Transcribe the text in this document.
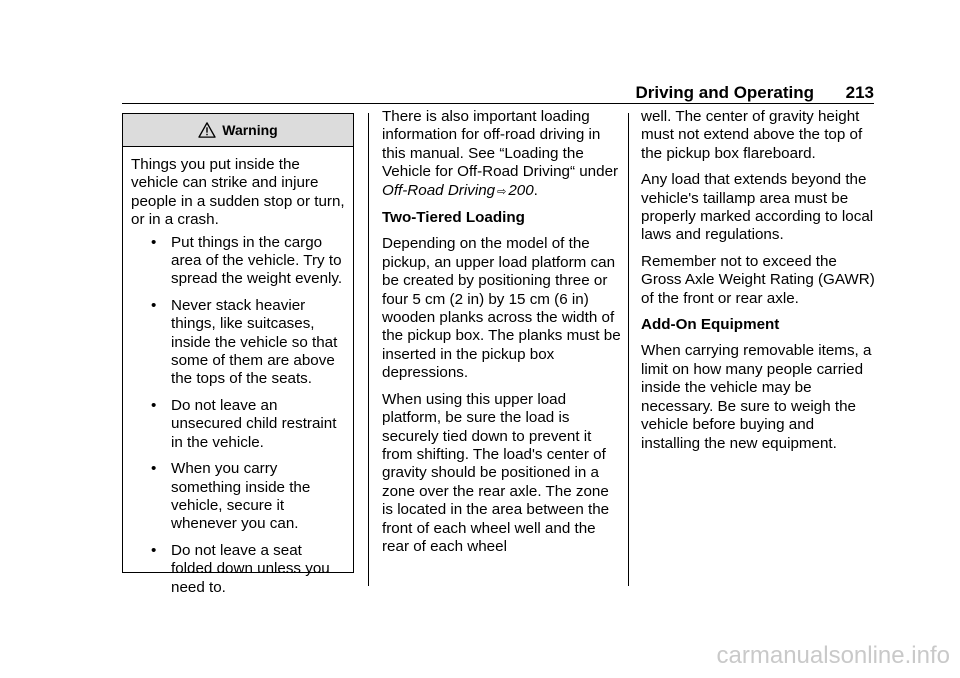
Driving and Operating 213
Warning

Things you put inside the vehicle can strike and injure people in a sudden stop or turn, or in a crash.

• Put things in the cargo area of the vehicle. Try to spread the weight evenly.
• Never stack heavier things, like suitcases, inside the vehicle so that some of them are above the tops of the seats.
• Do not leave an unsecured child restraint in the vehicle.
• When you carry something inside the vehicle, secure it whenever you can.
• Do not leave a seat folded down unless you need to.

There is also important loading information for off-road driving in this manual. See “Loading the Vehicle for Off-Road Driving“ under Off-Road Driving ⇨ 200.

Two-Tiered Loading

Depending on the model of the pickup, an upper load platform can be created by positioning three or four 5 cm (2 in) by 15 cm (6 in) wooden planks across the width of the pickup box. The planks must be inserted in the pickup box depressions.

When using this upper load platform, be sure the load is securely tied down to prevent it from shifting. The load's center of gravity should be positioned in a zone over the rear axle. The zone is located in the area between the front of each wheel well and the rear of each wheel

well. The center of gravity height must not extend above the top of the pickup box flareboard.

Any load that extends beyond the vehicle's taillamp area must be properly marked according to local laws and regulations.

Remember not to exceed the Gross Axle Weight Rating (GAWR) of the front or rear axle.

Add-On Equipment

When carrying removable items, a limit on how many people carried inside the vehicle may be necessary. Be sure to weigh the vehicle before buying and installing the new equipment.

carmanualsonline.info
